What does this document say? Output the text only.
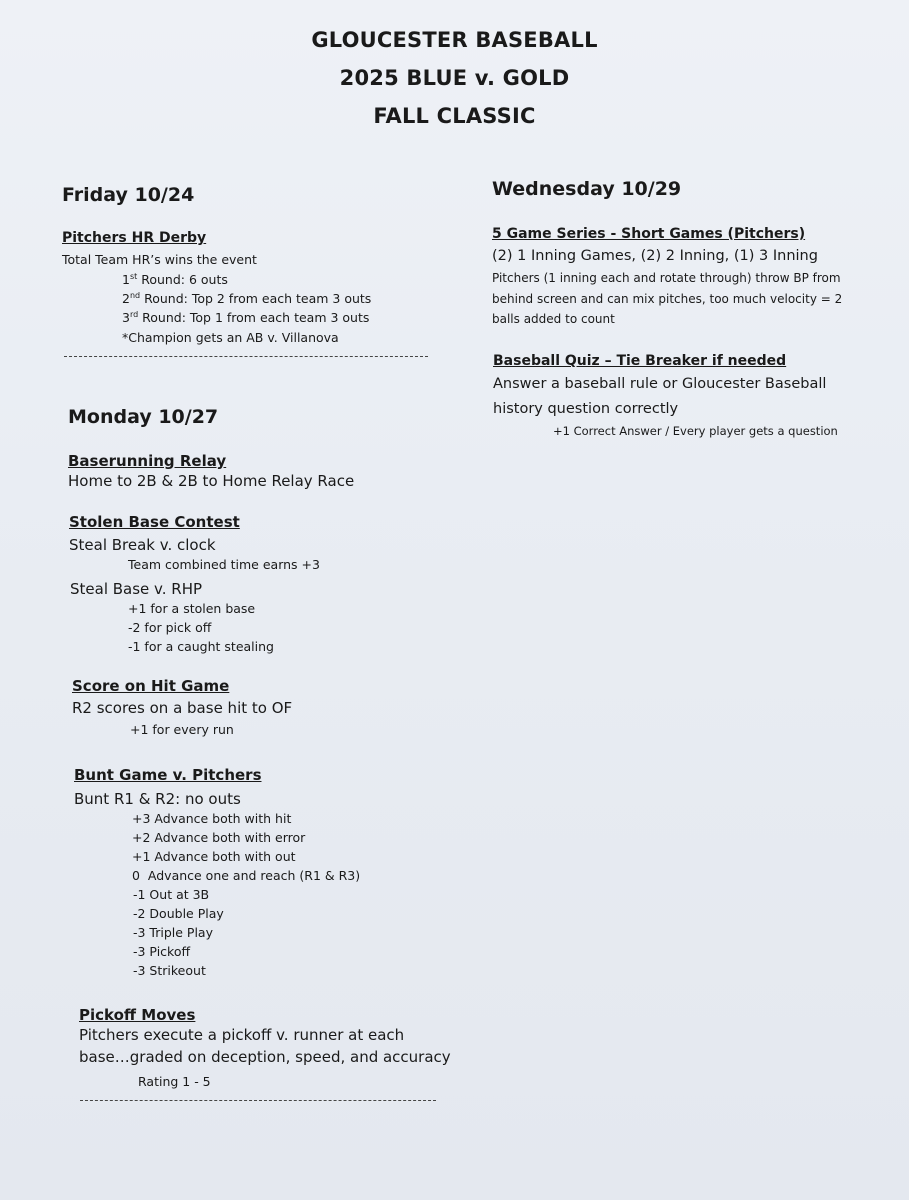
GLOUCESTER BASEBALL
2025 BLUE v. GOLD
FALL CLASSIC
Friday 10/24
Pitchers HR Derby
Total Team HR’s wins the event
1st Round: 6 outs
2nd Round: Top 2 from each team 3 outs
3rd Round: Top 1 from each team 3 outs
*Champion gets an AB v. Villanova
Monday 10/27
Baserunning Relay
Home to 2B & 2B to Home Relay Race
Stolen Base Contest
Steal Break v. clock
Team combined time earns +3
Steal Base v. RHP
+1 for a stolen base
-2 for pick off
-1 for a caught stealing
Score on Hit Game
R2 scores on a base hit to OF
+1 for every run
Bunt Game v. Pitchers
Bunt R1 & R2: no outs
+3 Advance both with hit
+2 Advance both with error
+1 Advance both with out
0  Advance one and reach (R1 & R3)
-1 Out at 3B
-2 Double Play
-3 Triple Play
-3 Pickoff
-3 Strikeout
Pickoff Moves
Pitchers execute a pickoff v. runner at each
base…graded on deception, speed, and accuracy
Rating 1 - 5
Wednesday 10/29
5 Game Series - Short Games (Pitchers)
(2) 1 Inning Games, (2) 2 Inning, (1) 3 Inning
Pitchers (1 inning each and rotate through) throw BP from
behind screen and can mix pitches, too much velocity = 2
balls added to count
Baseball Quiz – Tie Breaker if needed
Answer a baseball rule or Gloucester Baseball
history question correctly
+1 Correct Answer / Every player gets a question
